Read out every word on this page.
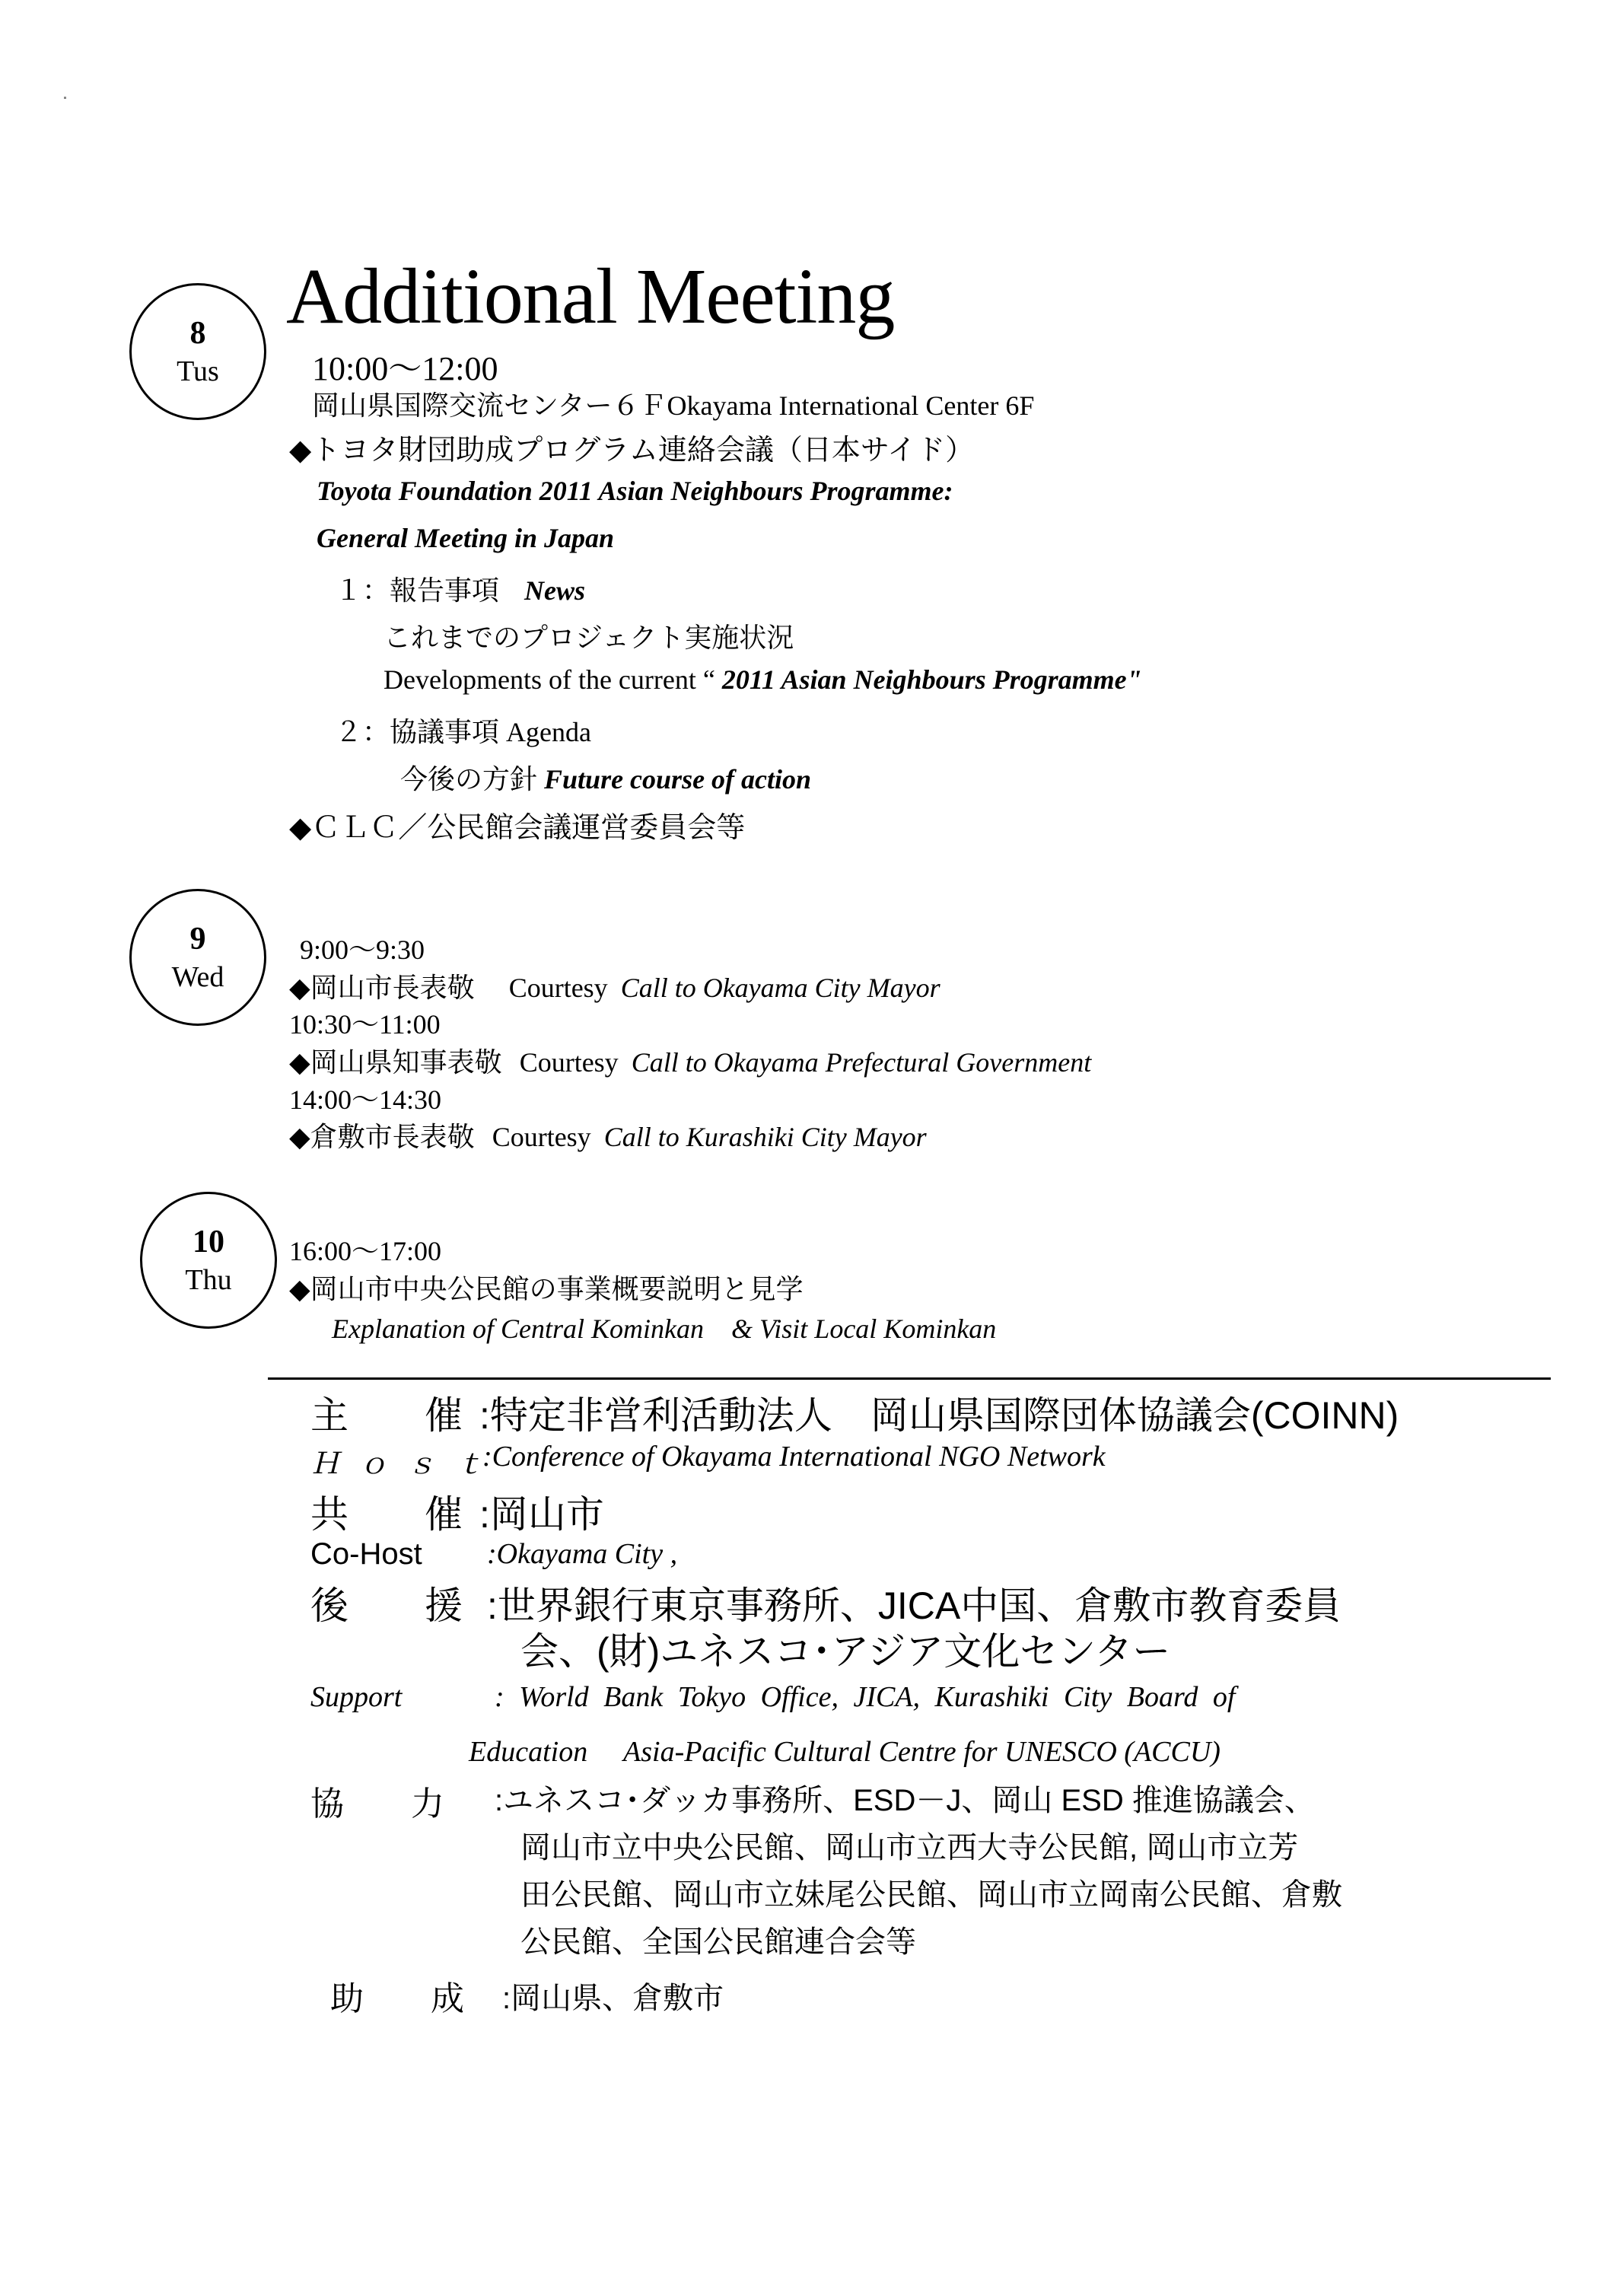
8
Tus
Additional Meeting
10:00～12:00
岡山県国際交流センター６ＦOkayama International Center 6F
◆トヨタ財団助成プログラム連絡会議（日本サイド）
Toyota Foundation 2011 Asian Neighbours Programme:
General Meeting in Japan
１：報告事項 News
これまでのプロジェクト実施状況
Developments of the current “ 2011 Asian Neighbours Programme"
２：協議事項 Agenda
今後の方針 Future course of action
◆ＣＬＣ／公民館会議運営委員会等
9
Wed
9:00～9:30
◆岡山市長表敬 Courtesy Call to Okayama City Mayor
10:30～11:00
◆岡山県知事表敬 Courtesy Call to Okayama Prefectural Government
14:00～14:30
◆倉敷市長表敬 Courtesy Call to Kurashiki City Mayor
10
Thu
16:00～17:00
◆岡山市中央公民館の事業概要説明と見学
Explanation of Central Kominkan　& Visit Local Kominkan
主　　催 :特定非営利活動法人　岡山県国際団体協議会(COINN)
Ｈ ｏ ｓ ｔ
:Conference of Okayama International NGO Network
共　　催 :岡山市
Co-Host :Okayama City ,
後　　援 :世界銀行東京事務所、JICA中国、倉敷市教育委員
会、(財)ユネスコ･アジア文化センター
Support	: World Bank Tokyo Office, JICA, Kurashiki City Board of
Education　 Asia-Pacific Cultural Centre for UNESCO (ACCU)
協　　力 :ユネスコ･ダッカ事務所、ESD－J、岡山 ESD 推進協議会、
岡山市立中央公民館、岡山市立西大寺公民館, 岡山市立芳
田公民館、岡山市立妹尾公民館、岡山市立岡南公民館、倉敷
公民館、全国公民館連合会等
助　　成 :岡山県、倉敷市
